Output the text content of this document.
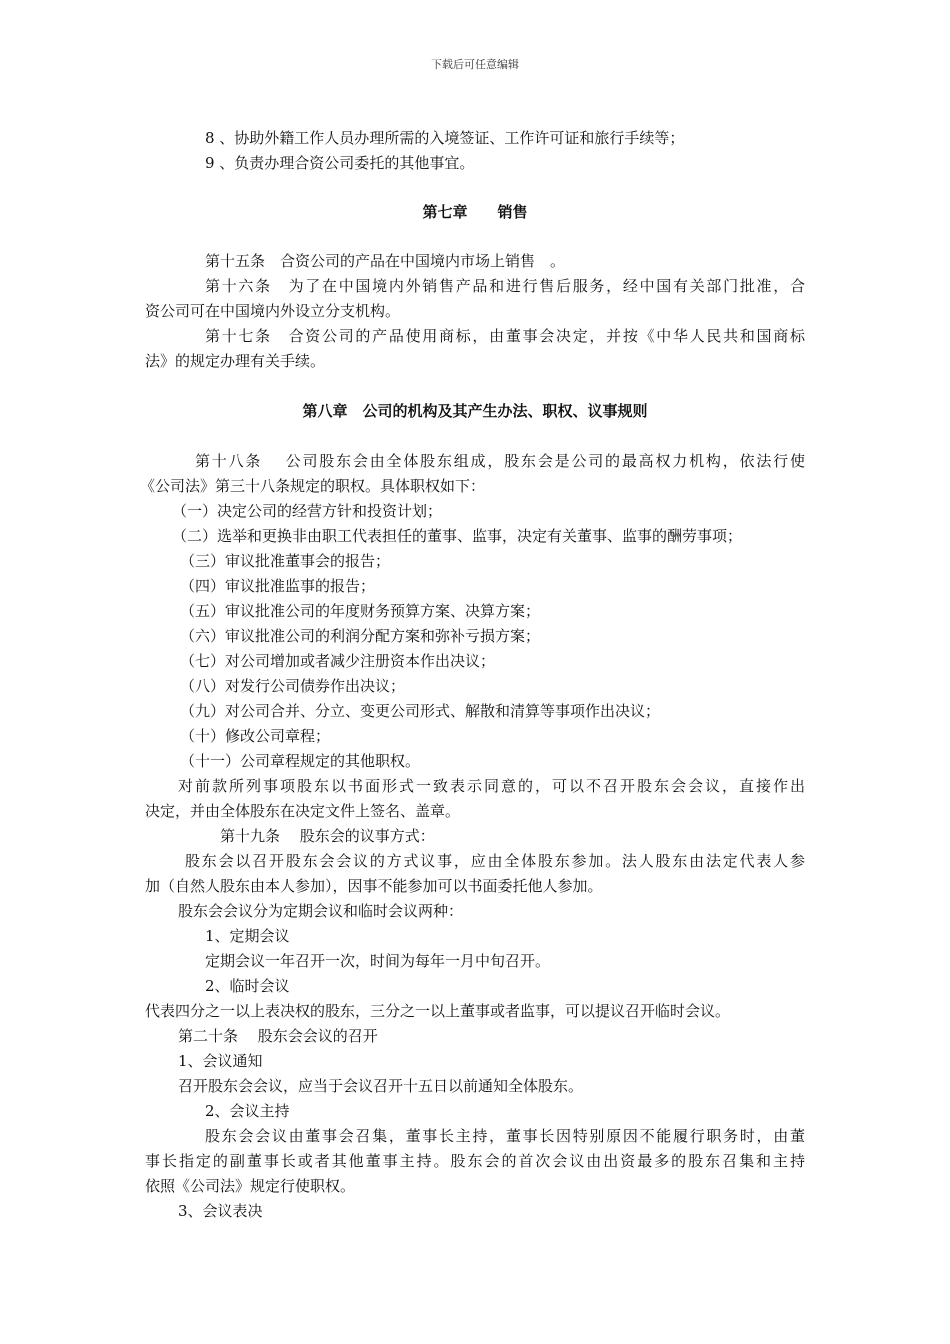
下载后可任意编辑
8 、协助外籍工作人员办理所需的入境签证、工作许可证和旅行手续等；
9 、负责办理合资公司委托的其他事宜。
第七章　　销售
第十五条　合资公司的产品在中国境内市场上销售　。
第十六条　为了在中国境内外销售产品和进行售后服务，经中国有关部门批准，合
资公司可在中国境内外设立分支机构。
第十七条　合资公司的产品使用商标，由董事会决定，并按《中华人民共和国商标
法》的规定办理有关手续。
第八章　公司的机构及其产生办法、职权、议事规则
第十八条　 公司股东会由全体股东组成，股东会是公司的最高权力机构，依法行使
《公司法》第三十八条规定的职权。具体职权如下：
（一）决定公司的经营方针和投资计划；
（二）选举和更换非由职工代表担任的董事、监事，决定有关董事、监事的酬劳事项；
（三）审议批准董事会的报告；
（四）审议批准监事的报告；
（五）审议批准公司的年度财务预算方案、决算方案；
（六）审议批准公司的利润分配方案和弥补亏损方案；
（七）对公司增加或者减少注册资本作出决议；
（八）对发行公司债券作出决议；
（九）对公司合并、分立、变更公司形式、解散和清算等事项作出决议；
（十）修改公司章程；
（十一）公司章程规定的其他职权。
对前款所列事项股东以书面形式一致表示同意的，可以不召开股东会会议，直接作出
决定，并由全体股东在决定文件上签名、盖章。
第十九条　 股东会的议事方式：
股东会以召开股东会会议的方式议事，应由全体股东参加。法人股东由法定代表人参
加（自然人股东由本人参加），因事不能参加可以书面委托他人参加。
股东会会议分为定期会议和临时会议两种：
1、定期会议
定期会议一年召开一次，时间为每年一月中旬召开。
2、临时会议
代表四分之一以上表决权的股东，三分之一以上董事或者监事，可以提议召开临时会议。
第二十条　 股东会会议的召开
1、会议通知
召开股东会会议，应当于会议召开十五日以前通知全体股东。
2、会议主持
股东会会议由董事会召集，董事长主持，董事长因特别原因不能履行职务时，由董
事长指定的副董事长或者其他董事主持。股东会的首次会议由出资最多的股东召集和主持
依照《公司法》规定行使职权。
3、会议表决
